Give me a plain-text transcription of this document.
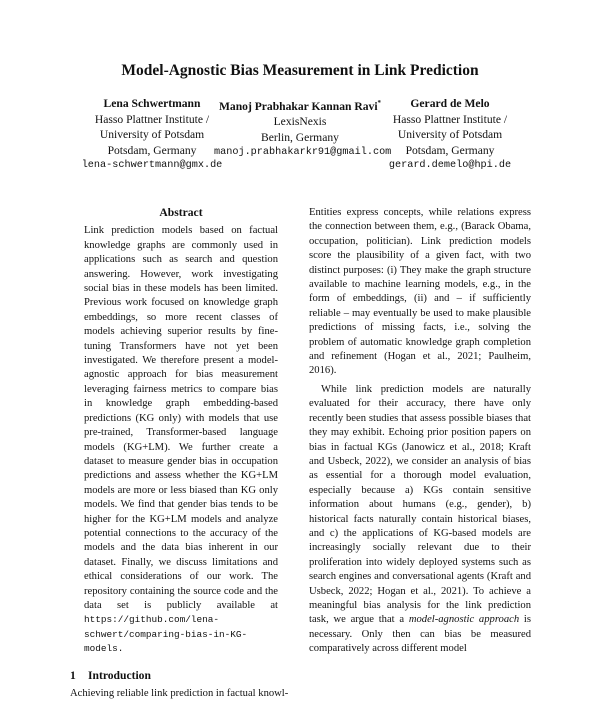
Model-Agnostic Bias Measurement in Link Prediction
Lena Schwertmann
Hasso Plattner Institute /
University of Potsdam
Potsdam, Germany
lena-schwertmann@gmx.de
Manoj Prabhakar Kannan Ravi*
LexisNexis
Berlin, Germany
manoj.prabhakarkr91@gmail.com
Gerard de Melo
Hasso Plattner Institute /
University of Potsdam
Potsdam, Germany
gerard.demelo@hpi.de
Abstract
Link prediction models based on factual knowledge graphs are commonly used in applications such as search and question answering. However, work investigating social bias in these models has been limited. Previous work focused on knowledge graph embeddings, so more recent classes of models achieving superior results by fine-tuning Transformers have not yet been investigated. We therefore present a model-agnostic approach for bias measurement leveraging fairness metrics to compare bias in knowledge graph embedding-based predictions (KG only) with models that use pre-trained, Transformer-based language models (KG+LM). We further create a dataset to measure gender bias in occupation predictions and assess whether the KG+LM models are more or less biased than KG only models. We find that gender bias tends to be higher for the KG+LM models and analyze potential connections to the accuracy of the models and the data bias inherent in our dataset. Finally, we discuss limitations and ethical considerations of our work. The repository containing the source code and the data set is publicly available at https://github.com/lena-schwert/comparing-bias-in-KG-models.
1 Introduction

Achieving reliable link prediction in factual knowl-

Entities express concepts, while relations express the connection between them, e.g., (Barack Obama, occupation, politician). Link prediction models score the plausibility of a given fact, with two distinct purposes: (i) They make the graph structure available to machine learning models, e.g., in the form of embeddings, (ii) and – if sufficiently reliable – may eventually be used to make plausible predictions of missing facts, i.e., solving the problem of automatic knowledge graph completion and refinement (Hogan et al., 2021; Paulheim, 2016).

While link prediction models are naturally evaluated for their accuracy, there have only recently been studies that assess possible biases that they may exhibit. Echoing prior position papers on bias in factual KGs (Janowicz et al., 2018; Kraft and Usbeck, 2022), we consider an analysis of bias as essential for a thorough model evaluation, especially because a) KGs contain sensitive information about humans (e.g., gender), b) historical facts naturally contain historical biases, and c) the applications of KG-based models are increasingly socially relevant due to their proliferation into widely deployed systems such as search engines and conversational agents (Kraft and Usbeck, 2022; Hogan et al., 2021). To achieve a meaningful bias analysis for the link prediction task, we argue that a model-agnostic approach is necessary. Only then can bias be measured comparatively across different model
